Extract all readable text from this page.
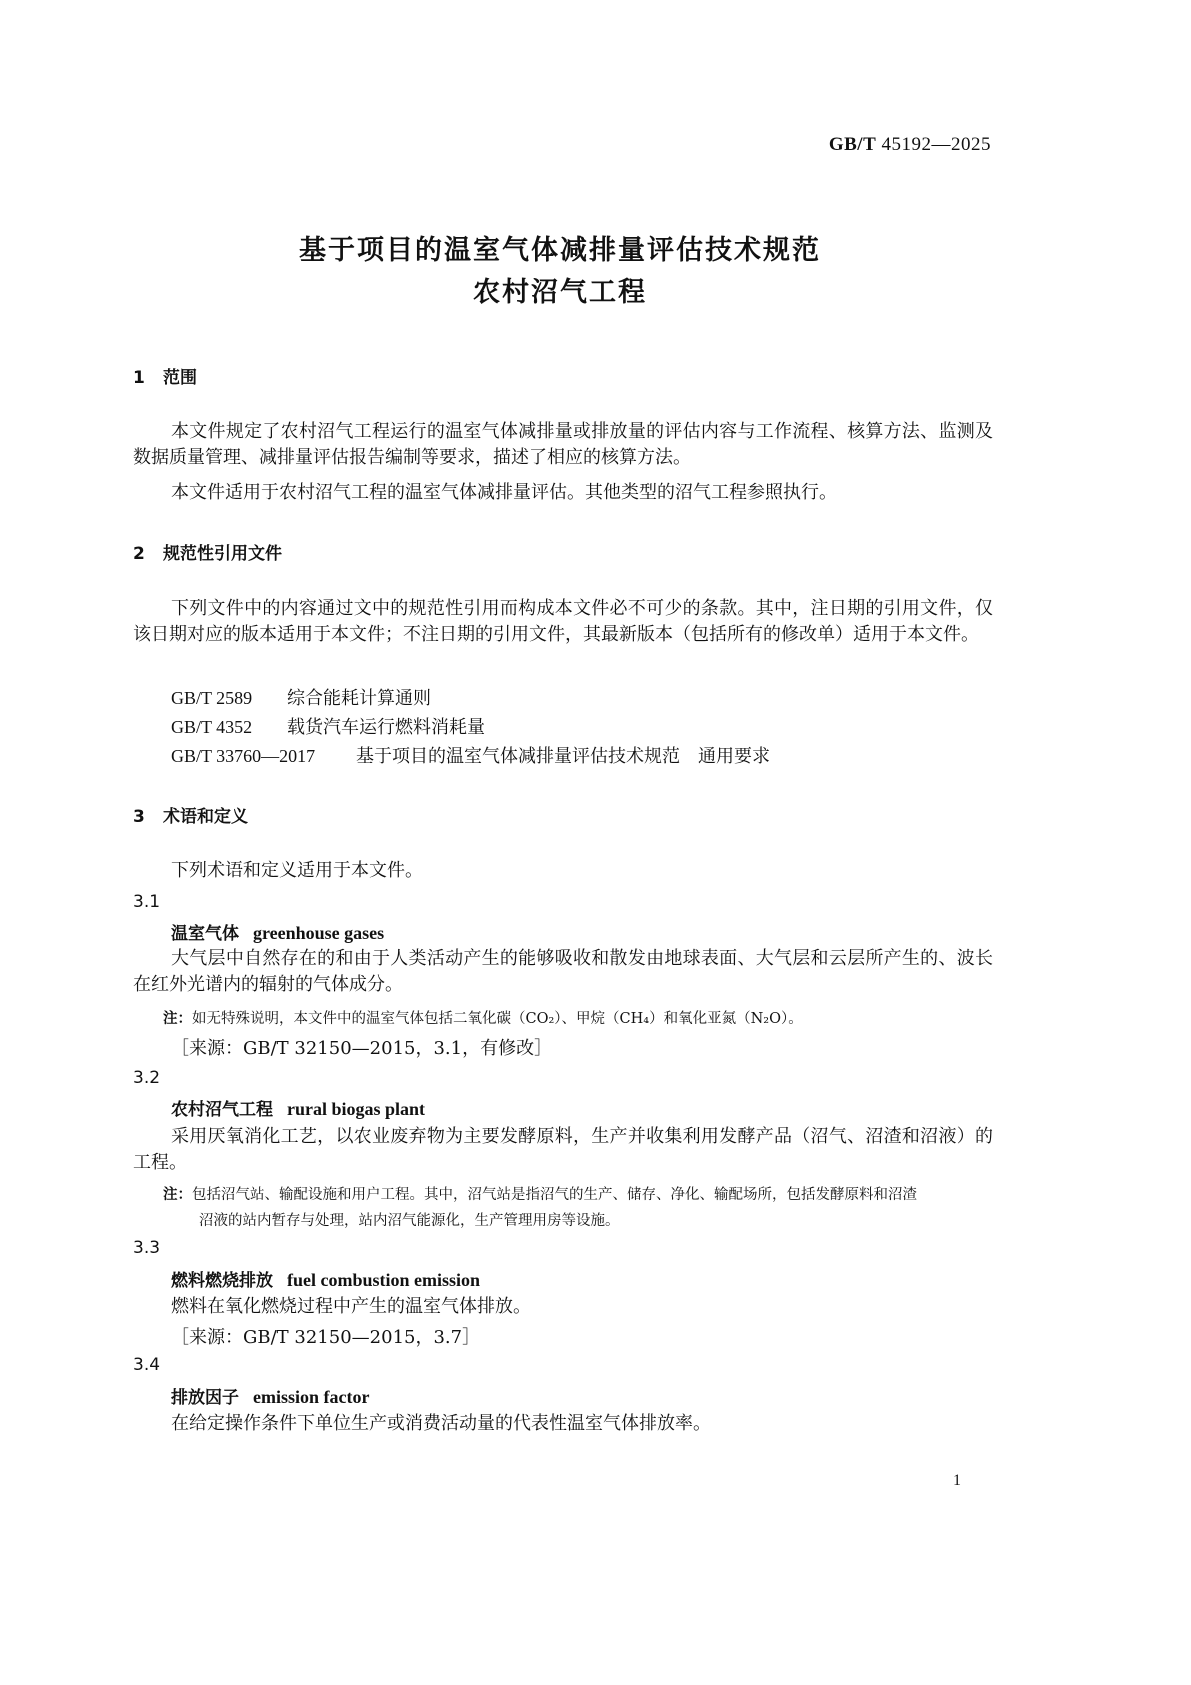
GB/T 45192—2025
基于项目的温室气体减排量评估技术规范
农村沼气工程
1 范围
本文件规定了农村沼气工程运行的温室气体减排量或排放量的评估内容与工作流程、核算方法、监测及数据质量管理、减排量评估报告编制等要求，描述了相应的核算方法。
本文件适用于农村沼气工程的温室气体减排量评估。其他类型的沼气工程参照执行。
2 规范性引用文件
下列文件中的内容通过文中的规范性引用而构成本文件必不可少的条款。其中，注日期的引用文件，仅该日期对应的版本适用于本文件；不注日期的引用文件，其最新版本（包括所有的修改单）适用于本文件。
GB/T 2589 综合能耗计算通则
GB/T 4352 载货汽车运行燃料消耗量
GB/T 33760—2017 基于项目的温室气体减排量评估技术规范　通用要求
3 术语和定义
下列术语和定义适用于本文件。
3.1
温室气体 greenhouse gases
大气层中自然存在的和由于人类活动产生的能够吸收和散发由地球表面、大气层和云层所产生的、波长在红外光谱内的辐射的气体成分。
注：如无特殊说明，本文件中的温室气体包括二氧化碳（CO₂）、甲烷（CH₄）和氧化亚氮（N₂O）。
［来源：GB/T 32150—2015，3.1，有修改］
3.2
农村沼气工程 rural biogas plant
采用厌氧消化工艺，以农业废弃物为主要发酵原料，生产并收集利用发酵产品（沼气、沼渣和沼液）的工程。
注：包括沼气站、输配设施和用户工程。其中，沼气站是指沼气的生产、储存、净化、输配场所，包括发酵原料和沼渣
沼液的站内暂存与处理，站内沼气能源化，生产管理用房等设施。
3.3
燃料燃烧排放 fuel combustion emission
燃料在氧化燃烧过程中产生的温室气体排放。
［来源：GB/T 32150—2015，3.7］
3.4
排放因子 emission factor
在给定操作条件下单位生产或消费活动量的代表性温室气体排放率。
1
